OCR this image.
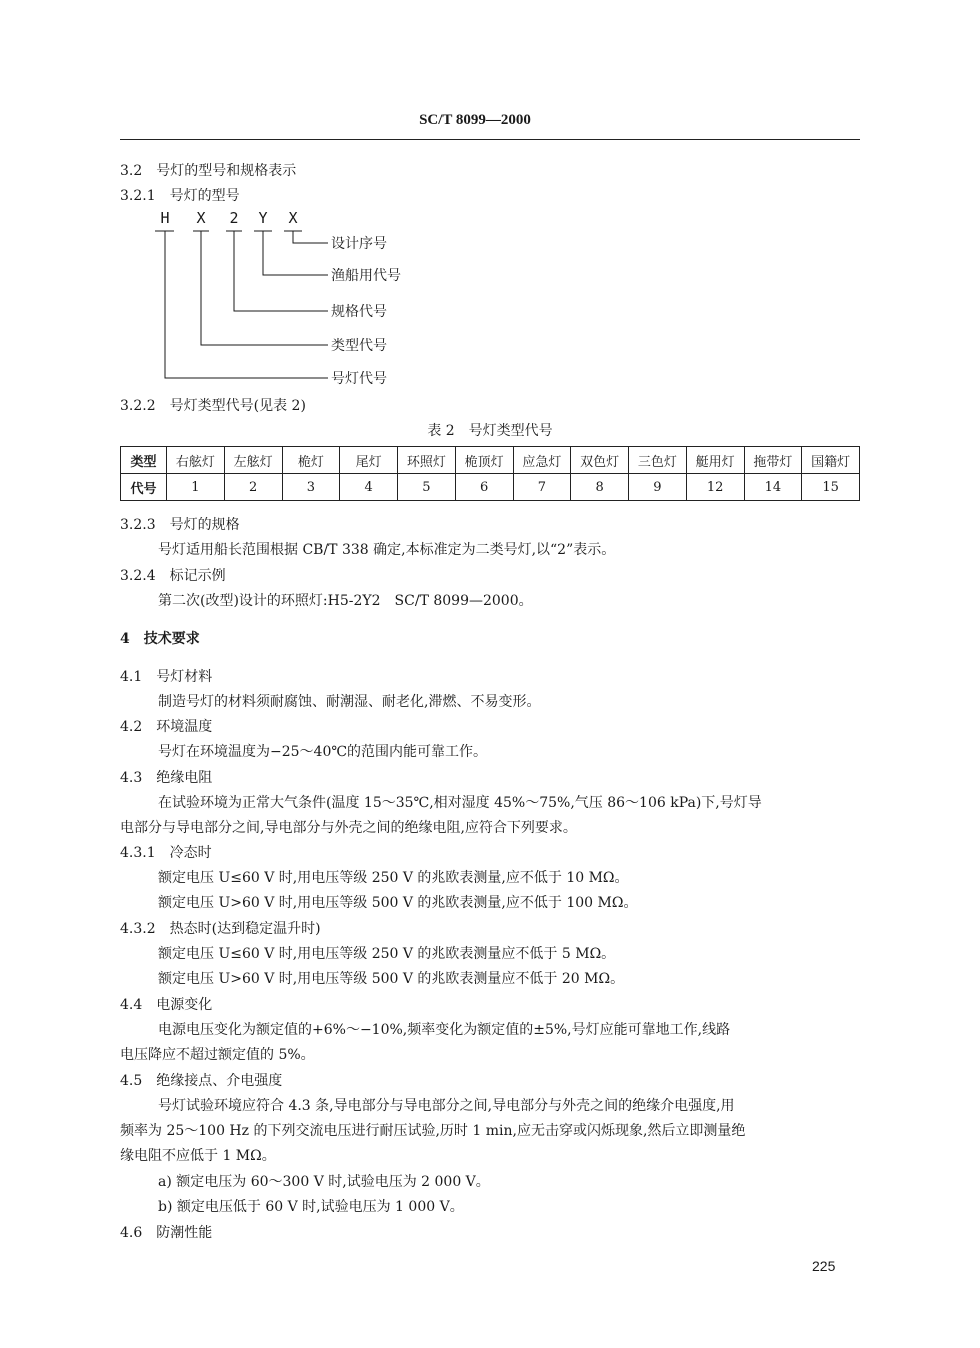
SC/T 8099—2000
3.2　号灯的型号和规格表示
3.2.1　号灯的型号
H X 2 Y X
设计序号
渔船用代号
规格代号
类型代号
号灯代号
3.2.2　号灯类型代号(见表 2)
表 2　号灯类型代号
类型	右舷灯	左舷灯	桅灯	尾灯	环照灯	桅顶灯	应急灯	双色灯	三色灯	艇用灯	拖带灯	国籍灯
代号	1	2	3	4	5	6	7	8	9	12	14	15
3.2.3　号灯的规格
号灯适用船长范围根据 CB/T 338 确定,本标准定为二类号灯,以“2”表示。
3.2.4　标记示例
第二次(改型)设计的环照灯:H5-2Y2　SC/T 8099—2000。
4　技术要求
4.1　号灯材料
制造号灯的材料须耐腐蚀、耐潮湿、耐老化,滞燃、不易变形。
4.2　环境温度
号灯在环境温度为−25～40℃的范围内能可靠工作。
4.3　绝缘电阻
在试验环境为正常大气条件(温度 15～35℃,相对湿度 45%～75%,气压 86～106 kPa)下,号灯导
电部分与导电部分之间,导电部分与外壳之间的绝缘电阻,应符合下列要求。
4.3.1　冷态时
额定电压 U≤60 V 时,用电压等级 250 V 的兆欧表测量,应不低于 10 MΩ。
额定电压 U>60 V 时,用电压等级 500 V 的兆欧表测量,应不低于 100 MΩ。
4.3.2　热态时(达到稳定温升时)
额定电压 U≤60 V 时,用电压等级 250 V 的兆欧表测量应不低于 5 MΩ。
额定电压 U>60 V 时,用电压等级 500 V 的兆欧表测量应不低于 20 MΩ。
4.4　电源变化
电源电压变化为额定值的+6%～−10%,频率变化为额定值的±5%,号灯应能可靠地工作,线路
电压降应不超过额定值的 5%。
4.5　绝缘接点、介电强度
号灯试验环境应符合 4.3 条,导电部分与导电部分之间,导电部分与外壳之间的绝缘介电强度,用
频率为 25～100 Hz 的下列交流电压进行耐压试验,历时 1 min,应无击穿或闪烁现象,然后立即测量绝
缘电阻不应低于 1 MΩ。
a) 额定电压为 60～300 V 时,试验电压为 2 000 V。
b) 额定电压低于 60 V 时,试验电压为 1 000 V。
4.6　防潮性能
225
